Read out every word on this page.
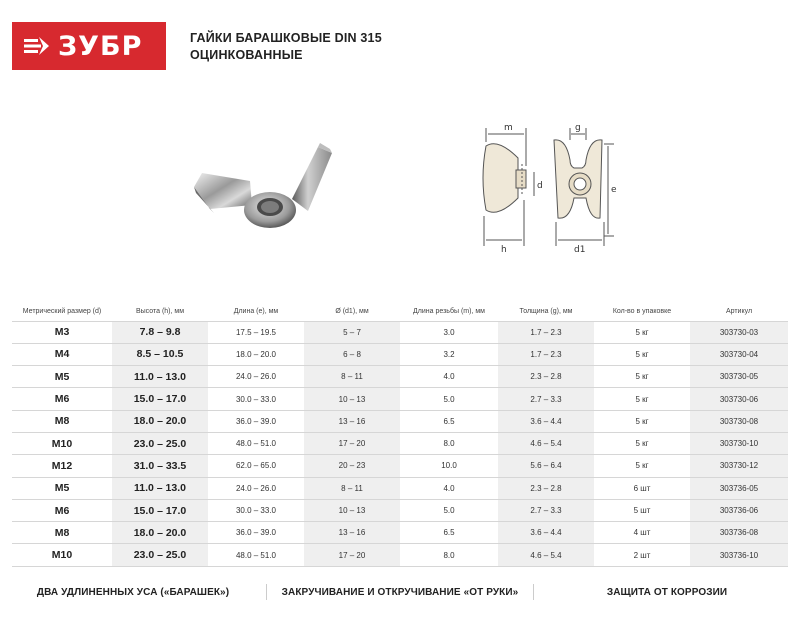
ЗУБР	ГАЙКИ БАРАШКОВЫЕ DIN 315
ОЦИНКОВАННЫЕ
m	g
d	e
h	d1
Метрический размер (d)	Высота (h), мм	Длина (e), мм	Ø (d1), мм	Длина резьбы (m), мм	Толщина (g), мм	Кол-во в упаковке	Артикул
M3	7.8 – 9.8	17.5 – 19.5	5 – 7	3.0	1.7 – 2.3	5 кг	303730-03
M4	8.5 – 10.5	18.0 – 20.0	6 – 8	3.2	1.7 – 2.3	5 кг	303730-04
M5	11.0 – 13.0	24.0 – 26.0	8 – 11	4.0	2.3 – 2.8	5 кг	303730-05
M6	15.0 – 17.0	30.0 – 33.0	10 – 13	5.0	2.7 – 3.3	5 кг	303730-06
M8	18.0 – 20.0	36.0 – 39.0	13 – 16	6.5	3.6 – 4.4	5 кг	303730-08
M10	23.0 – 25.0	48.0 – 51.0	17 – 20	8.0	4.6 – 5.4	5 кг	303730-10
M12	31.0 – 33.5	62.0 – 65.0	20 – 23	10.0	5.6 – 6.4	5 кг	303730-12
M5	11.0 – 13.0	24.0 – 26.0	8 – 11	4.0	2.3 – 2.8	6 шт	303736-05
M6	15.0 – 17.0	30.0 – 33.0	10 – 13	5.0	2.7 – 3.3	5 шт	303736-06
M8	18.0 – 20.0	36.0 – 39.0	13 – 16	6.5	3.6 – 4.4	4 шт	303736-08
M10	23.0 – 25.0	48.0 – 51.0	17 – 20	8.0	4.6 – 5.4	2 шт	303736-10
ДВА УДЛИНЕННЫХ УСА («БАРАШЕК»)	ЗАКРУЧИВАНИЕ И ОТКРУЧИВАНИЕ «ОТ РУКИ»	ЗАЩИТА ОТ КОРРОЗИИ
